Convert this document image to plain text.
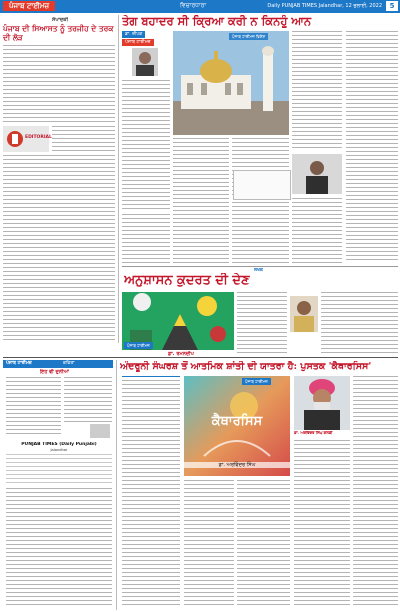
ਪੰਜਾਬ ਟਾਈਮਜ਼	ਵਿਚਾਰਧਾਰਾ	Daily PUNJAB TIMES Jalandhar, 12 ਜੁਲਾਈ, 2022	5
ਸੰਪਾਦਕੀ
ਪੰਜਾਬ ਦੀ ਸਿਆਸਤ ਨੂੰ ਤਰਜੀਹ ਦੇ ਤਰਕ ਦੀ ਲੋੜ
EDITORIAL
ਤੇਗ ਬਹਾਦਰ ਸੀ ਕ੍ਰਿਆ ਕਰੀ ਨ ਕਿਨਹੂੰ ਆਨ
ਡਾ. ਦੀਪਕ
ਪੰਜਾਬ ਟਾਈਮਜ਼
ਪੰਜਾਬ ਟਾਈਮਜ਼ ਵਿਸ਼ੇਸ਼
ਲੇਖਕ
ਅਨੁਸ਼ਾਸਨ ਕੁਦਰਤ ਦੀ ਦੇਣ
ਪੰਜਾਬ ਟਾਈਮਜ਼
ਡਾ. ਰਮਨਦੀਪ
ਪੰਜਾਬ ਟਾਈਮਜ਼	ਕਵਿਤਾ
ਇਹ ਵੀ ਦੁਨੀਆਂ
PUNJAB TIMES (Daily Punjabi)
Jalandhar
ਅੰਦਰੂਨੀ ਸੰਘਰਸ਼ ਤੋਂ ਆਤਮਿਕ ਸ਼ਾਂਤੀ ਦੀ ਯਾਤਰਾ ਹੈ: ਪੁਸਤਕ 'ਕੈਥਾਰਸਿਸ'
ਪੰਜਾਬ ਟਾਈਮਜ਼
ਕੈਥਾਰਸਿਸ
ਡਾ. ਅਰਵਿੰਦਰ ਸਿੰਘ
ਡਾ. ਅਰਵਿੰਦਰ ਸਿੰਘ ਗੋਲਡੀ
